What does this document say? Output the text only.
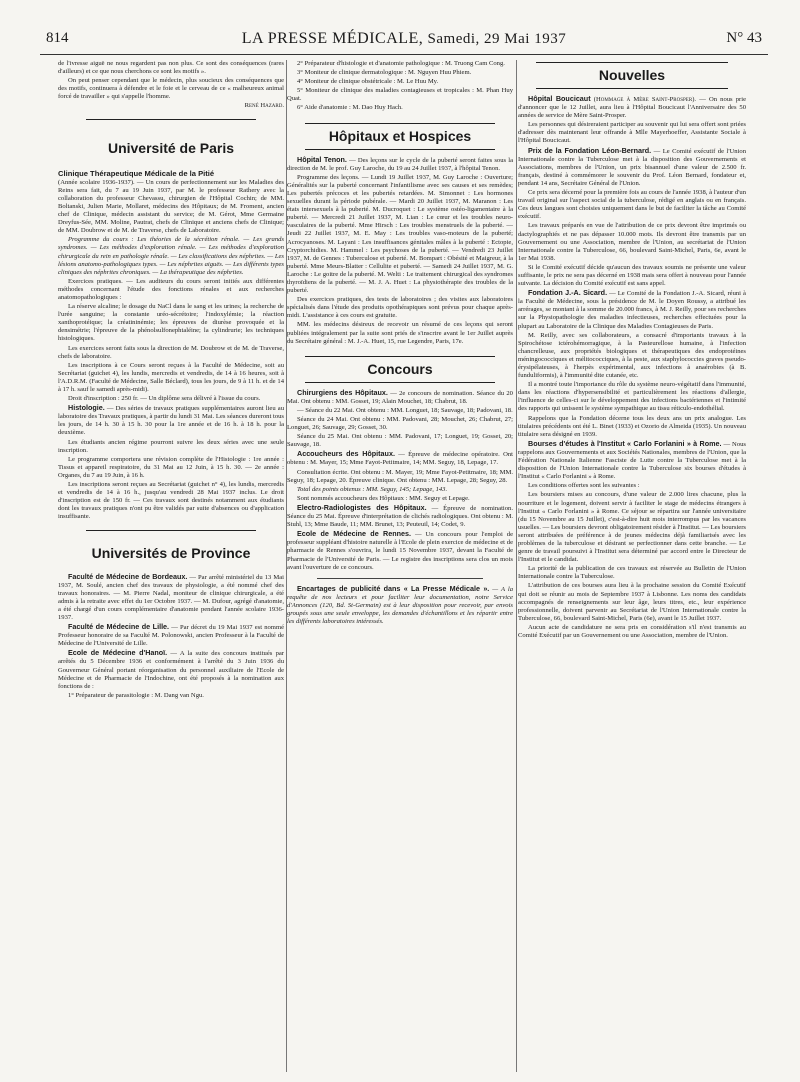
814	LA PRESSE MÉDICALE, Samedi, 29 Mai 1937	N° 43

de l'ivresse aiguë ne nous regardent pas non plus. Ce sont des conséquences (rares d'ailleurs) et ce que nous cherchons ce sont les motifs ».

On peut penser cependant que le médecin, plus soucieux des conséquences que des motifs, continuera à défendre et le foie et le cerveau de ce « malheureux animal forcé de travailler » qui s'appelle l'homme.

René Hazard.

Université de Paris
Clinique Thérapeutique Médicale de la Pitié

(Année scolaire 1936-1937). — Un cours de perfectionnement sur les Maladies des Reins sera fait, du 7 au 19 Juin 1937, par M. le professeur Rathery avec la collaboration du professeur Chevassu, chirurgien de l'Hôpital Cochin; de MM. Boltanski, Julien Marie, Mollaret, médecins des Hôpitaux; de M. Froment, ancien chef de Clinique, médecin assistant du service; de M. Gérot, Mme Germaine Dreyfus-Sée, MM. Moline, Pautrat, chefs de Clinique et anciens chefs de Clinique; de MM. Doubrow et de M. de Traverse, chefs de Laboratoire.

Programme du cours : Les théories de la sécrétion rénale. — Les grands syndromes. — Les méthodes d'exploration rénale. — Les méthodes d'exploration chirurgicale du rein en pathologie rénale. — Les classifications des néphrites. — Les lésions anatomo-pathologiques types. — Les néphrites aiguës. — Les différents types cliniques des néphrites chroniques. — La thérapeutique des néphrites.

Exercices pratiques. — Les auditeurs du cours seront initiés aux différentes méthodes concernant l'étude des fonctions rénales et aux recherches anatomopathologiques :

La réserve alcaline; le dosage du NaCl dans le sang et les urines; la recherche de l'urée sanguine; la constante uréo-sécrétoire; l'indoxylémie; la réaction xanthoprotéique; la créatininémie; les épreuves de diurèse provoquée et la densimétrie; l'épreuve de la phénolsulfonephtaléine; la cylindrurie; les techniques histologiques.

Les exercices seront faits sous la direction de M. Doubrow et de M. de Traverse, chefs de laboratoire.

Les inscriptions à ce Cours seront reçues à la Faculté de Médecine, soit au Secrétariat (guichet 4), les lundis, mercredis et vendredis, de 14 à 16 heures, soit à l'A.D.R.M. (Faculté de Médecine, Salle Béclard), tous les jours, de 9 à 11 h. et de 14 à 17 h. sauf le samedi après-midi).

Droit d'inscription : 250 fr. — Un diplôme sera délivré à l'issue du cours.

Histologie. — Des séries de travaux pratiques supplémentaires auront lieu au laboratoire des Travaux pratiques, à partir du lundi 31 Mai. Les séances dureront tous les jours, de 14 h. 30 à 15 h. 30 pour la 1re année et de 16 h. à 18 h. pour la deuxième.

Les étudiants ancien régime pourront suivre les deux séries avec une seule inscription.

Le programme comportera une révision complète de l'Histologie : 1re année : Tissus et appareil respiratoire, du 31 Mai au 12 Juin, à 15 h. 30. — 2e année : Organes, du 7 au 19 Juin, à 16 h.

Les inscriptions seront reçues au Secrétariat (guichet n° 4), les lundis, mercredis et vendredis de 14 à 16 h., jusqu'au vendredi 28 Mai 1937 inclus. Le droit d'inscription est de 150 fr. — Ces travaux sont destinés notamment aux étudiants dont les travaux pratiques n'ont pu être validés par suite d'absences ou d'application insuffisante.

Universités de Province

Faculté de Médecine de Bordeaux. — Par arrêté ministériel du 13 Mai 1937, M. Soulé, ancien chef des travaux de physiologie, a été nommé chef des travaux honoraires. — M. Pierre Nadal, moniteur de clinique chirurgicale, a été admis à la retraite avec effet du 1er Octobre 1937. — M. Dufour, agrégé d'anatomie, a été chargé d'un cours complémentaire d'anatomie pendant l'année scolaire 1936-1937.

Faculté de Médecine de Lille. — Par décret du 19 Mai 1937 est nommé Professeur honoraire de sa Faculté M. Polonowski, ancien Professeur à la Faculté de Médecine de l'Université de Lille.

Ecole de Médecine d'Hanoï. — A la suite des concours institués par arrêtés du 5 Décembre 1936 et conformément à l'arrêté du 3 Juin 1936 du Gouverneur Général portant réorganisation du personnel auxiliaire de l'Ecole de Médecine et de Pharmacie de l'Indochine, ont été proposés à la nomination aux fonctions de :

1° Préparateur de parasitologie : M. Dang van Ngu.

2° Préparateur d'histologie et d'anatomie pathologique : M. Truong Cam Cong.

3° Moniteur de clinique dermatologique : M. Nguyen Huu Phiem.

4° Moniteur de clinique obstétricale : M. Le Huu My.

5° Moniteur de clinique des maladies contagieuses et tropicales : M. Phan Huy Quat.

6° Aide d'anatomie : M. Dao Huy Hach.

Hôpitaux et Hospices

Hôpital Tenon. — Des leçons sur le cycle de la puberté seront faites sous la direction de M. le prof. Guy Laroche, du 19 au 24 Juillet 1937, à l'hôpital Tenon.

Programme des leçons. — Lundi 19 Juillet 1937, M. Guy Laroche : Ouverture; Généralités sur la puberté concernant l'infantilisme avec ses causes et ses remèdes; Les pubertés précoces et les pubertés retardées. M. Simonnet : Les hormones sexuelles durant la période pubérale. — Mardi 20 Juillet 1937, M. Maranon : Les états intersexuels à la puberté. M. Ducroquet : Le système ostéo-ligamentaire à la puberté. — Mercredi 21 Juillet 1937, M. Lian : Le cœur et les troubles neuro-vasculaires de la puberté. Mme Hirsch : Les troubles menstruels de la puberté. — Jeudi 22 Juillet 1937, M. E. May : Les troubles vaso-moteurs de la puberté; Acrocyanoses. M. Layani : Les insuffisances génitales mâles à la puberté : Ectopie, Cryptorchidies. M. Hammel : Les psychoses de la puberté. — Vendredi 23 Juillet 1937, M. de Gennes : Tuberculose et puberté. M. Bompart : Obésité et Maigreur, à la puberté. Mme Meurs-Blatter : Cellulite et puberté. — Samedi 24 Juillet 1937, M. G. Laroche : Le goitre de la puberté. M. Welti : Le traitement chirurgical des syndromes thyroïdiens de la puberté. — M. J. A. Huet : La physiothérapie des troubles de la puberté.

Des exercices pratiques, des tests de laboratoires ; des visites aux laboratoires spécialisés dans l'étude des produits opothérapiques sont prévus pour chaque après-midi. L'assistance à ces cours est gratuite.

MM. les médecins désireux de recevoir un résumé de ces leçons qui seront publiées intégralement par la suite sont priés de s'inscrire avant le 1er Juillet auprès du Secrétaire général : M. J.-A. Huet, 15, rue Legendre, Paris, 17e.

Concours

Chirurgiens des Hôpitaux. — 2e concours de nomination. Séance du 20 Mai. Ont obtenu : MM. Gosset, 19; Alain Mouchet, 18; Chabrut, 18.

— Séance du 22 Mai. Ont obtenu : MM. Longuet, 18; Sauvage, 18; Padovani, 18.

Séance du 24 Mai. Ont obtenu : MM. Padovani, 28; Mouchet, 26; Chabrut, 27; Longuet, 26; Sauvage, 29; Gosset, 30.

Séance du 25 Mai. Ont obtenu : MM. Padovani, 17; Longuet, 19; Gosset, 20; Sauvage, 18.

Accoucheurs des Hôpitaux. — Épreuve de médecine opératoire. Ont obtenu : M. Mayer, 15; Mme Fayot-Petitmaire, 14; MM. Seguy, 18, Lepage, 17.

Consultation écrite. Ont obtenu : M. Mayer, 19; Mme Fayot-Petitmaire, 18; MM. Seguy, 18; Lepage, 20. Épreuve clinique. Ont obtenu : MM. Lepage, 28; Seguy, 28.

Total des points obtenus : MM. Seguy, 145; Lepage, 143.

Sont nommés accoucheurs des Hôpitaux : MM. Seguy et Lepage.

Electro-Radiologistes des Hôpitaux. — Épreuve de nomination. Séance du 25 Mai. Épreuve d'interprétation de clichés radiologiques. Ont obtenu : M. Stuhl, 13; Mme Baude, 11; MM. Brunet, 13; Peuteuil, 14; Codet, 9.

Ecole de Médecine de Rennes. — Un concours pour l'emploi de professeur suppléant d'histoire naturelle à l'Ecole de plein exercice de médecine et de pharmacie de Rennes s'ouvrira, le lundi 15 Novembre 1937, devant la Faculté de Pharmacie de l'Université de Paris. — Le registre des inscriptions sera clos un mois avant l'ouverture de ce concours.

Encartages de publicité dans « La Presse Médicale ». — A la requête de nos lecteurs et pour faciliter leur documentation, notre Service d'Annonces (120, Bd. St-Germain) est à leur disposition pour recevoir, par envois groupés sous une seule enveloppe, les demandes d'échantillons et les répartir entre les différents laboratoires intéressés.

Nouvelles

Hôpital Boucicaut (Hommage à Mère Saint-Prosper). — On nous prie d'annoncer que le 12 Juillet, aura lieu à l'Hôpital Boucicaut l'Anniversaire des 50 années de service de Mère Saint-Prosper.

Les personnes qui désireraient participer au souvenir qui lui sera offert sont priées d'adresser dès maintenant leur offrande à Mlle Mayerhoeffer, Assistante Sociale à l'Hôpital Boucicaut.

Prix de la Fondation Léon-Bernard. — Le Comité exécutif de l'Union Internationale contre la Tuberculose met à la disposition des Gouvernements et Associations, membres de l'Union, un prix bisannuel d'une valeur de 2.500 fr. français, destiné à commémorer le souvenir du Prof. Léon Bernard, fondateur et, pendant 14 ans, Secrétaire Général de l'Union.

Ce prix sera décerné pour la première fois au cours de l'année 1938, à l'auteur d'un travail original sur l'aspect social de la tuberculose, rédigé en anglais ou en français. Ces deux langues sont choisies uniquement dans le but de faciliter la tâche au Comité exécutif.

Les travaux préparés en vue de l'attribution de ce prix devront être imprimés ou dactylographiés et ne pas dépasser 10.000 mots. Ils devront être transmis par un Gouvernement ou une Association, membre de l'Union, au secrétariat de l'Union Internationale contre la Tuberculose, 66, boulevard Saint-Michel, Paris, 6e, avant le 1er Mai 1938.

Si le Comité exécutif décide qu'aucun des travaux soumis ne présente une valeur suffisante, le prix ne sera pas décerné en 1938 mais sera offert à nouveau pour l'année suivante. La décision du Comité exécutif est sans appel.

Fondation J.-A. Sicard. — Le Comité de la Fondation J.-A. Sicard, réuni à la Faculté de Médecine, sous la présidence de M. le Doyen Roussy, a attribué les arrérages, se montant à la somme de 20.000 francs, à M. J. Reilly, pour ses recherches sur la Physiopathologie des maladies infectieuses, recherches effectuées pour la plupart au Laboratoire de la Clinique des Maladies Contagieuses de Paris.

M. Reilly, avec ses collaborateurs, a consacré d'importants travaux à la Spirochétose ictérohémorragique, à la Pasteurellose humaine, à l'infection chancrelleuse, aux propriétés biologiques et thérapeutiques des endoprotéines méningococciques et mélitococciques, à la peste, aux staphylococcies graves pseudo-érysipélateuses, à l'herpès expérimental, aux infections à anaérobies (à B. funduliformis), à l'immunité dite cutanée, etc.

Il a montré toute l'importance du rôle du système neuro-végétatif dans l'immunité, dans les réactions d'hypersensibilité et particulièrement les réactions d'allergie, l'influence de celles-ci sur le développement des infections bactériennes et l'intimité des rapports qui unissent le système sympathique au tissu réticulo-endothélial.

Rappelons que la Fondation décerne tous les deux ans un prix analogue. Les titulaires précédents ont été L. Binet (1933) et Ozorio de Almeida (1935). Un nouveau titulaire sera désigné en 1939.

Bourses d'études à l'Institut « Carlo Forlanini » à Rome. — Nous rappelons aux Gouvernements et aux Sociétés Nationales, membres de l'Union, que la Fédération Nationale Italienne Fasciste de Lutte contre la Tuberculose met à la disposition de l'Union Internationale contre la Tuberculose six bourses d'études à l'Institut « Carlo Forlanini » à Rome.

Les conditions offertes sont les suivantes :

Les boursiers mises au concours, d'une valeur de 2.000 lires chacune, plus la nourriture et le logement, doivent servir à faciliter le stage de médecins étrangers à l'Institut « Carlo Forlanini » à Rome. Ce séjour se répartira sur l'année universitaire (du 15 Novembre au 15 Juillet), c'est-à-dire huit mois interrompus par les vacances usuelles. — Les boursiers devront obligatoirement résider à l'Institut. — Les boursiers seront attribuées de préférence à de jeunes médecins déjà familiarisés avec les problèmes de la tuberculose et désirant se perfectionner dans cette branche. — Le genre de travail poursuivi à l'Institut sera déterminé par accord entre le Directeur de l'Institut et le candidat.

La priorité de la publication de ces travaux est réservée au Bulletin de l'Union Internationale contre la Tuberculose.

L'attribution de ces bourses aura lieu à la prochaine session du Comité Exécutif qui doit se réunir au mois de Septembre 1937 à Lisbonne. Les noms des candidats accompagnés de renseignements sur leur âge, leurs titres, etc., leur expérience professionnelle, doivent parvenir au Secrétariat de l'Union Internationale contre la Tuberculose, 66, boulevard Saint-Michel, Paris (6e), avant le 15 Juillet 1937.

Aucun acte de candidature ne sera pris en considération s'il n'est transmis au Comité Exécutif par un Gouvernement ou une Association, membre de l'Union.
